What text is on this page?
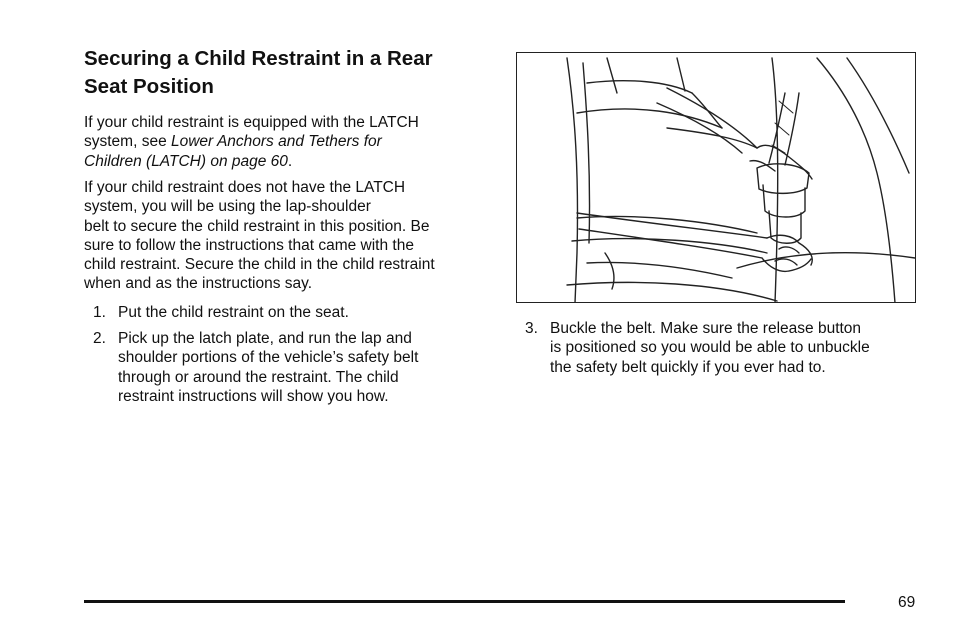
Securing a Child Restraint in a Rear
Seat Position

If your child restraint is equipped with the LATCH
system, see Lower Anchors and Tethers for
Children (LATCH) on page 60.

If your child restraint does not have the LATCH
system, you will be using the lap-shoulder
belt to secure the child restraint in this position. Be
sure to follow the instructions that came with the
child restraint. Secure the child in the child restraint
when and as the instructions say.

1. Put the child restraint on the seat.
2. Pick up the latch plate, and run the lap and
shoulder portions of the vehicle’s safety belt
through or around the restraint. The child
restraint instructions will show you how.
3. Buckle the belt. Make sure the release button
is positioned so you would be able to unbuckle
the safety belt quickly if you ever had to.
69
